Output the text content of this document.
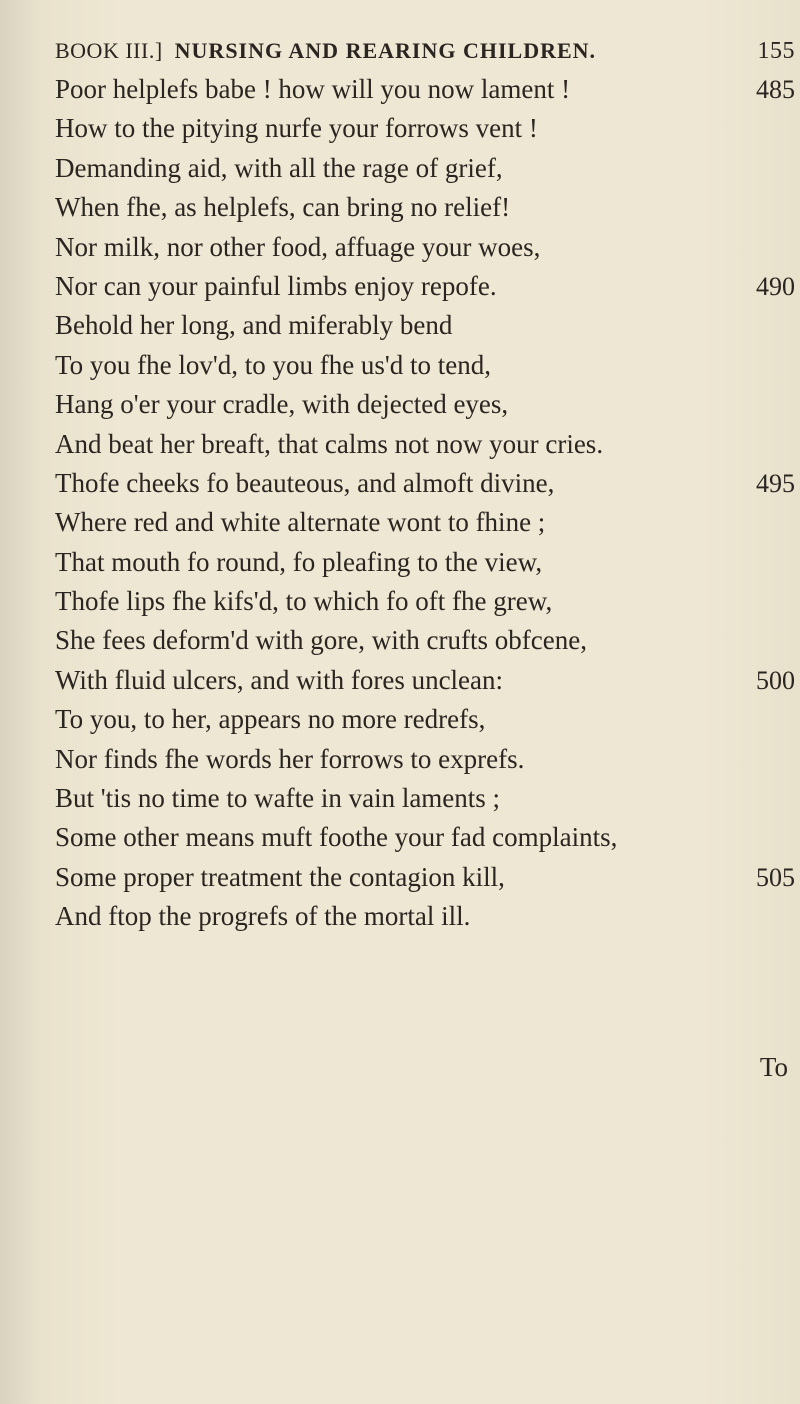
BOOK III.] NURSING AND REARING CHILDREN.	155
Poor helplefs babe ! how will you now lament !	485
How to the pitying nurfe your forrows vent !
Demanding aid, with all the rage of grief,
When fhe, as helplefs, can bring no relief!
Nor milk, nor other food, affuage your woes,
Nor can your painful limbs enjoy repofe.	490
Behold her long, and miferably bend
To you fhe lov'd, to you fhe us'd to tend,
Hang o'er your cradle, with dejected eyes,
And beat her breaft, that calms not now your cries.
Thofe cheeks fo beauteous, and almoft divine,	495
Where red and white alternate wont to fhine ;
That mouth fo round, fo pleafing to the view,
Thofe lips fhe kifs'd, to which fo oft fhe grew,
She fees deform'd with gore, with crufts obfcene,
With fluid ulcers, and with fores unclean:	500
To you, to her, appears no more redrefs,
Nor finds fhe words her forrows to exprefs.
But 'tis no time to wafte in vain laments ;
Some other means muft foothe your fad complaints,
Some proper treatment the contagion kill,	505
And ftop the progrefs of the mortal ill.
To
